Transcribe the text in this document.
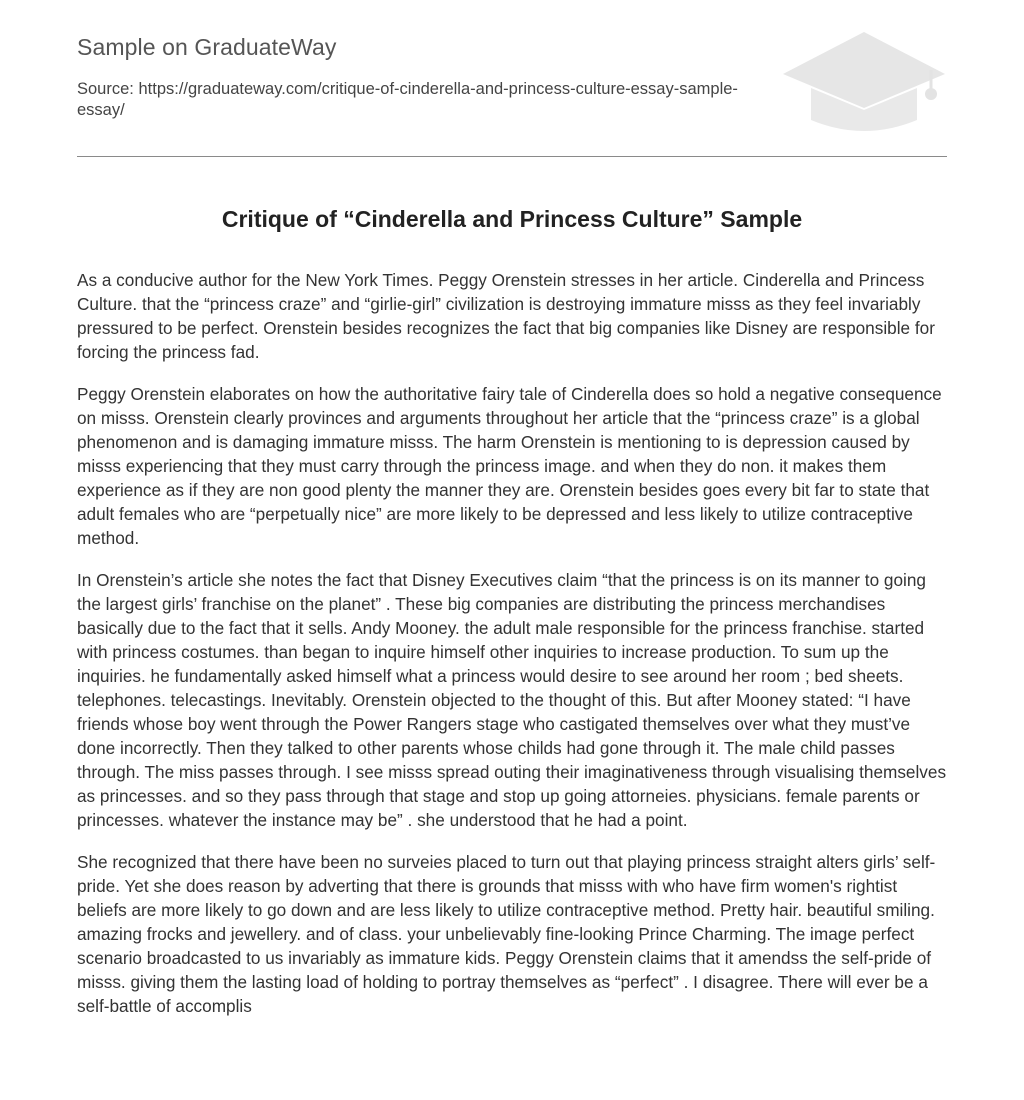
Sample on GraduateWay
Source: https://graduateway.com/critique-of-cinderella-and-princess-culture-essay-sample-essay/
Critique of “Cinderella and Princess Culture” Sample

As a conducive author for the New York Times. Peggy Orenstein stresses in her article. Cinderella and Princess Culture. that the “princess craze” and “girlie-girl” civilization is destroying immature misss as they feel invariably pressured to be perfect. Orenstein besides recognizes the fact that big companies like Disney are responsible for forcing the princess fad.

Peggy Orenstein elaborates on how the authoritative fairy tale of Cinderella does so hold a negative consequence on misss. Orenstein clearly provinces and arguments throughout her article that the “princess craze” is a global phenomenon and is damaging immature misss. The harm Orenstein is mentioning to is depression caused by misss experiencing that they must carry through the princess image. and when they do non. it makes them experience as if they are non good plenty the manner they are. Orenstein besides goes every bit far to state that adult females who are “perpetually nice” are more likely to be depressed and less likely to utilize contraceptive method.

In Orenstein’s article she notes the fact that Disney Executives claim “that the princess is on its manner to going the largest girls’ franchise on the planet” . These big companies are distributing the princess merchandises basically due to the fact that it sells. Andy Mooney. the adult male responsible for the princess franchise. started with princess costumes. than began to inquire himself other inquiries to increase production. To sum up the inquiries. he fundamentally asked himself what a princess would desire to see around her room ; bed sheets. telephones. telecastings. Inevitably. Orenstein objected to the thought of this. But after Mooney stated: “I have friends whose boy went through the Power Rangers stage who castigated themselves over what they must’ve done incorrectly. Then they talked to other parents whose childs had gone through it. The male child passes through. The miss passes through. I see misss spread outing their imaginativeness through visualising themselves as princesses. and so they pass through that stage and stop up going attorneies. physicians. female parents or princesses. whatever the instance may be” . she understood that he had a point.

She recognized that there have been no surveies placed to turn out that playing princess straight alters girls’ self-pride. Yet she does reason by adverting that there is grounds that misss with who have firm women's rightist beliefs are more likely to go down and are less likely to utilize contraceptive method. Pretty hair. beautiful smiling. amazing frocks and jewellery. and of class. your unbelievably fine-looking Prince Charming. The image perfect scenario broadcasted to us invariably as immature kids. Peggy Orenstein claims that it amendss the self-pride of misss. giving them the lasting load of holding to portray themselves as “perfect” . I disagree. There will ever be a self-battle of accomplis
